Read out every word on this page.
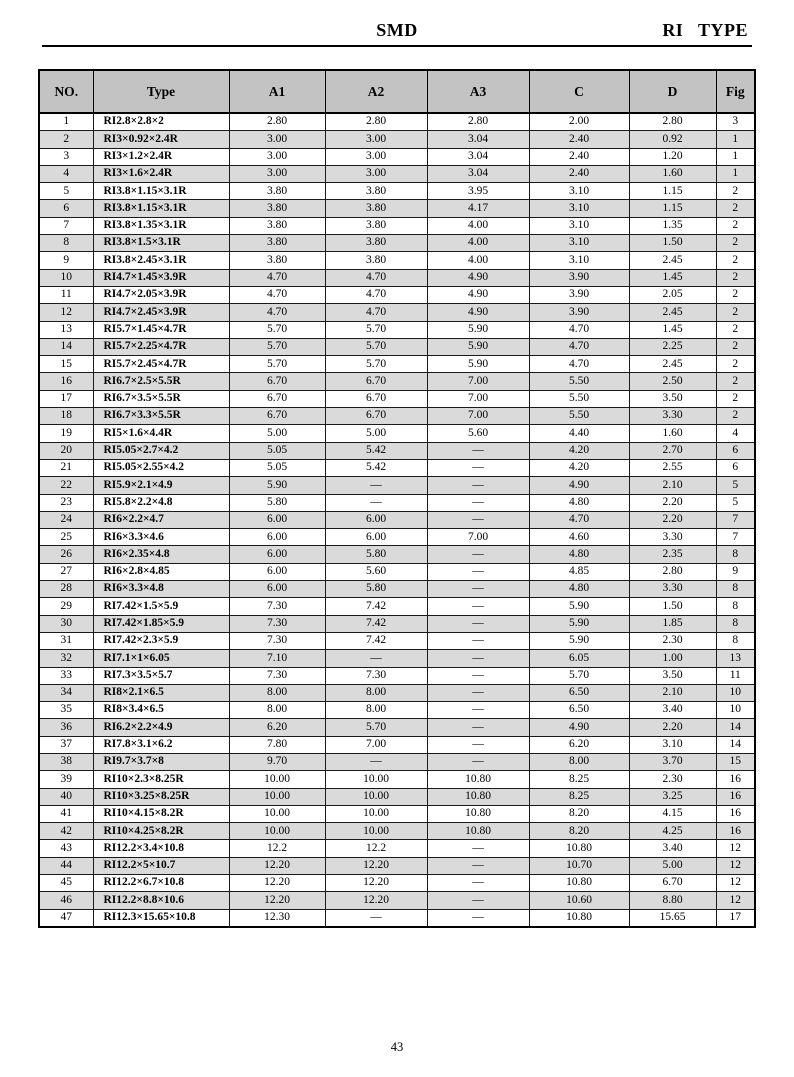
SMD	RI   TYPE

NO.	Type	A1	A2	A3	C	D	Fig
1	RI2.8×2.8×2	2.80	2.80	2.80	2.00	2.80	3
2	RI3×0.92×2.4R	3.00	3.00	3.04	2.40	0.92	1
3	RI3×1.2×2.4R	3.00	3.00	3.04	2.40	1.20	1
4	RI3×1.6×2.4R	3.00	3.00	3.04	2.40	1.60	1
5	RI3.8×1.15×3.1R	3.80	3.80	3.95	3.10	1.15	2
6	RI3.8×1.15×3.1R	3.80	3.80	4.17	3.10	1.15	2
7	RI3.8×1.35×3.1R	3.80	3.80	4.00	3.10	1.35	2
8	RI3.8×1.5×3.1R	3.80	3.80	4.00	3.10	1.50	2
9	RI3.8×2.45×3.1R	3.80	3.80	4.00	3.10	2.45	2
10	RI4.7×1.45×3.9R	4.70	4.70	4.90	3.90	1.45	2
11	RI4.7×2.05×3.9R	4.70	4.70	4.90	3.90	2.05	2
12	RI4.7×2.45×3.9R	4.70	4.70	4.90	3.90	2.45	2
13	RI5.7×1.45×4.7R	5.70	5.70	5.90	4.70	1.45	2
14	RI5.7×2.25×4.7R	5.70	5.70	5.90	4.70	2.25	2
15	RI5.7×2.45×4.7R	5.70	5.70	5.90	4.70	2.45	2
16	RI6.7×2.5×5.5R	6.70	6.70	7.00	5.50	2.50	2
17	RI6.7×3.5×5.5R	6.70	6.70	7.00	5.50	3.50	2
18	RI6.7×3.3×5.5R	6.70	6.70	7.00	5.50	3.30	2
19	RI5×1.6×4.4R	5.00	5.00	5.60	4.40	1.60	4
20	RI5.05×2.7×4.2	5.05	5.42	—	4.20	2.70	6
21	RI5.05×2.55×4.2	5.05	5.42	—	4.20	2.55	6
22	RI5.9×2.1×4.9	5.90	—	—	4.90	2.10	5
23	RI5.8×2.2×4.8	5.80	—	—	4.80	2.20	5
24	RI6×2.2×4.7	6.00	6.00	—	4.70	2.20	7
25	RI6×3.3×4.6	6.00	6.00	7.00	4.60	3.30	7
26	RI6×2.35×4.8	6.00	5.80	—	4.80	2.35	8
27	RI6×2.8×4.85	6.00	5.60	—	4.85	2.80	9
28	RI6×3.3×4.8	6.00	5.80	—	4.80	3.30	8
29	RI7.42×1.5×5.9	7.30	7.42	—	5.90	1.50	8
30	RI7.42×1.85×5.9	7.30	7.42	—	5.90	1.85	8
31	RI7.42×2.3×5.9	7.30	7.42	—	5.90	2.30	8
32	RI7.1×1×6.05	7.10	—	—	6.05	1.00	13
33	RI7.3×3.5×5.7	7.30	7.30	—	5.70	3.50	11
34	RI8×2.1×6.5	8.00	8.00	—	6.50	2.10	10
35	RI8×3.4×6.5	8.00	8.00	—	6.50	3.40	10
36	RI6.2×2.2×4.9	6.20	5.70	—	4.90	2.20	14
37	RI7.8×3.1×6.2	7.80	7.00	—	6.20	3.10	14
38	RI9.7×3.7×8	9.70	—	—	8.00	3.70	15
39	RI10×2.3×8.25R	10.00	10.00	10.80	8.25	2.30	16
40	RI10×3.25×8.25R	10.00	10.00	10.80	8.25	3.25	16
41	RI10×4.15×8.2R	10.00	10.00	10.80	8.20	4.15	16
42	RI10×4.25×8.2R	10.00	10.00	10.80	8.20	4.25	16
43	RI12.2×3.4×10.8	12.2	12.2	—	10.80	3.40	12
44	RI12.2×5×10.7	12.20	12.20	—	10.70	5.00	12
45	RI12.2×6.7×10.8	12.20	12.20	—	10.80	6.70	12
46	RI12.2×8.8×10.6	12.20	12.20	—	10.60	8.80	12
47	RI12.3×15.65×10.8	12.30	—	—	10.80	15.65	17
43
